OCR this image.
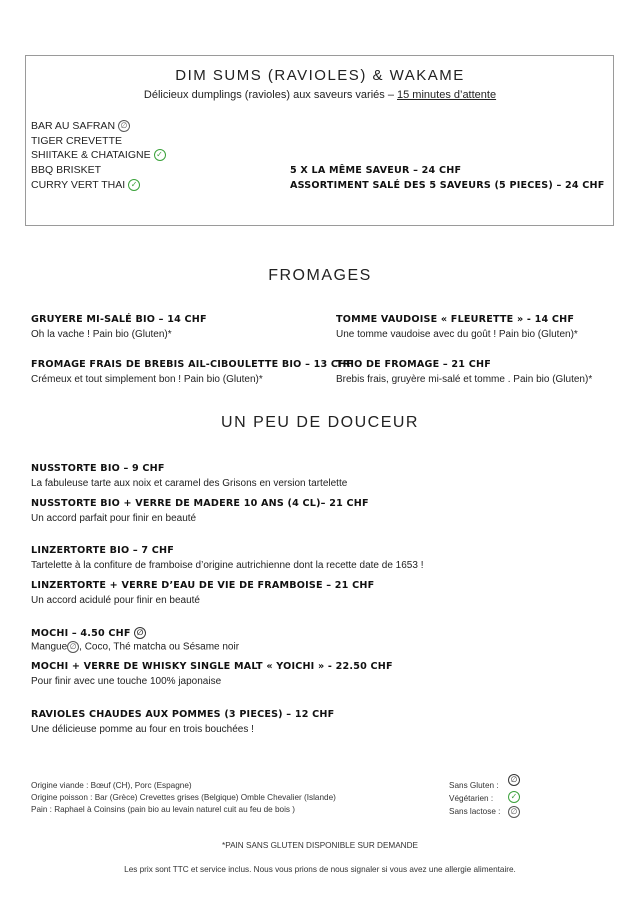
DIM SUMS (RAVIOLES) & WAKAME
Délicieux dumplings (ravioles) aux saveurs variés – 15 minutes d’attente
BAR AU SAFRAN ∅
TIGER CREVETTE
SHIITAKE & CHATAIGNE ✓
BBQ BRISKET
CURRY VERT THAI ✓
5 X LA MÊME SAVEUR – 24 CHF
ASSORTIMENT SALÉ DES 5 SAVEURS (5 PIECES) – 24 CHF
FROMAGES
GRUYERE MI-SALÉ BIO – 14 CHF
Oh la vache ! Pain bio (Gluten)*
TOMME VAUDOISE « FLEURETTE » - 14 CHF
Une tomme vaudoise avec du goût ! Pain bio (Gluten)*
FROMAGE FRAIS DE BREBIS AIL-CIBOULETTE BIO – 13 CHF
Crémeux et tout simplement bon ! Pain bio (Gluten)*
TRIO DE FROMAGE – 21 CHF
Brebis frais, gruyère mi-salé et tomme . Pain bio (Gluten)*
UN PEU DE DOUCEUR
NUSSTORTE BIO – 9 CHF
La fabuleuse tarte aux noix et caramel des Grisons en version tartelette
NUSSTORTE BIO + VERRE DE MADERE 10 ANS (4 CL)– 21 CHF
Un accord parfait pour finir en beauté
LINZERTORTE BIO – 7 CHF
Tartelette à la confiture de framboise d’origine autrichienne dont la recette date de 1653 !
LINZERTORTE + VERRE D’EAU DE VIE DE FRAMBOISE – 21 CHF
Un accord acidulé pour finir en beauté
MOCHI – 4.50 CHF ∅
Mangue ∅ , Coco, Thé matcha ou Sésame noir
MOCHI + VERRE DE WHISKY SINGLE MALT « YOICHI » - 22.50 CHF
Pour finir avec une touche 100% japonaise
RAVIOLES CHAUDES AUX POMMES (3 PIECES) – 12 CHF
Une délicieuse pomme au four en trois bouchées !
Origine viande : Bœuf (CH), Porc (Espagne)
Origine poisson : Bar (Grèce) Crevettes grises (Belgique) Omble Chevalier (Islande)
Pain : Raphael à Coinsins (pain bio au levain naturel cuit au feu de bois )
Sans Gluten :
∅
Végétarien :	✓
Sans lactose :	∅
*PAIN SANS GLUTEN DISPONIBLE SUR DEMANDE
Les prix sont TTC et service inclus. Nous vous prions de nous signaler si vous avez une allergie alimentaire.
